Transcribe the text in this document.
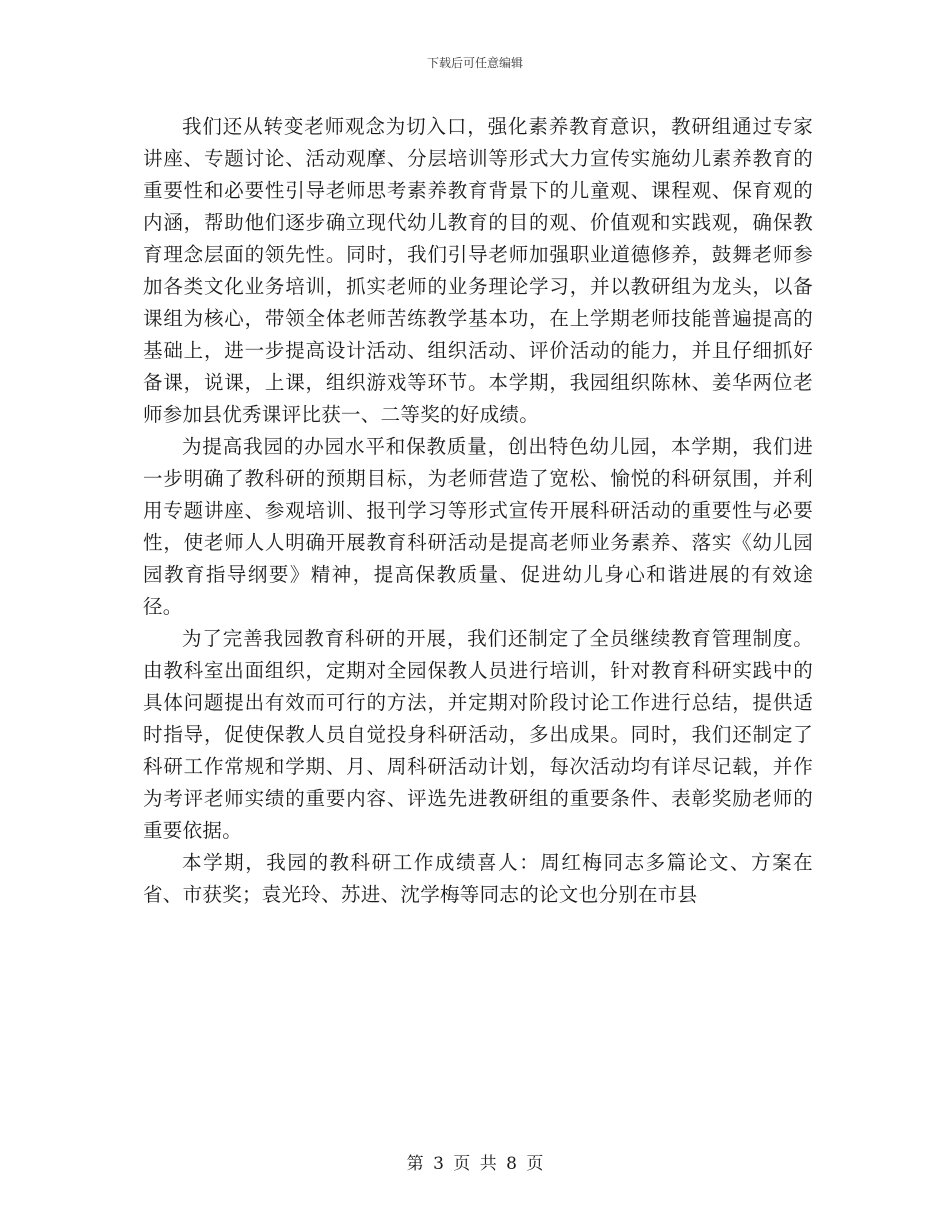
下载后可任意编辑

我们还从转变老师观念为切入口，强化素养教育意识，教研组通过专家讲座、专题讨论、活动观摩、分层培训等形式大力宣传实施幼儿素养教育的重要性和必要性引导老师思考素养教育背景下的儿童观、课程观、保育观的内涵，帮助他们逐步确立现代幼儿教育的目的观、价值观和实践观，确保教育理念层面的领先性。同时，我们引导老师加强职业道德修养，鼓舞老师参加各类文化业务培训，抓实老师的业务理论学习，并以教研组为龙头，以备课组为核心，带领全体老师苦练教学基本功，在上学期老师技能普遍提高的基础上，进一步提高设计活动、组织活动、评价活动的能力，并且仔细抓好备课，说课，上课，组织游戏等环节。本学期，我园组织陈林、姜华两位老师参加县优秀课评比获一、二等奖的好成绩。

为提高我园的办园水平和保教质量，创出特色幼儿园，本学期，我们进一步明确了教科研的预期目标，为老师营造了宽松、愉悦的科研氛围，并利用专题讲座、参观培训、报刊学习等形式宣传开展科研活动的重要性与必要性，使老师人人明确开展教育科研活动是提高老师业务素养、落实《幼儿园园教育指导纲要》精神，提高保教质量、促进幼儿身心和谐进展的有效途径。

为了完善我园教育科研的开展，我们还制定了全员继续教育管理制度。由教科室出面组织，定期对全园保教人员进行培训，针对教育科研实践中的具体问题提出有效而可行的方法，并定期对阶段讨论工作进行总结，提供适时指导，促使保教人员自觉投身科研活动，多出成果。同时，我们还制定了科研工作常规和学期、月、周科研活动计划，每次活动均有详尽记载，并作为考评老师实绩的重要内容、评选先进教研组的重要条件、表彰奖励老师的重要依据。

本学期，我园的教科研工作成绩喜人：周红梅同志多篇论文、方案在省、市获奖；袁光玲、苏进、沈学梅等同志的论文也分别在市县

第 3 页 共 8 页
